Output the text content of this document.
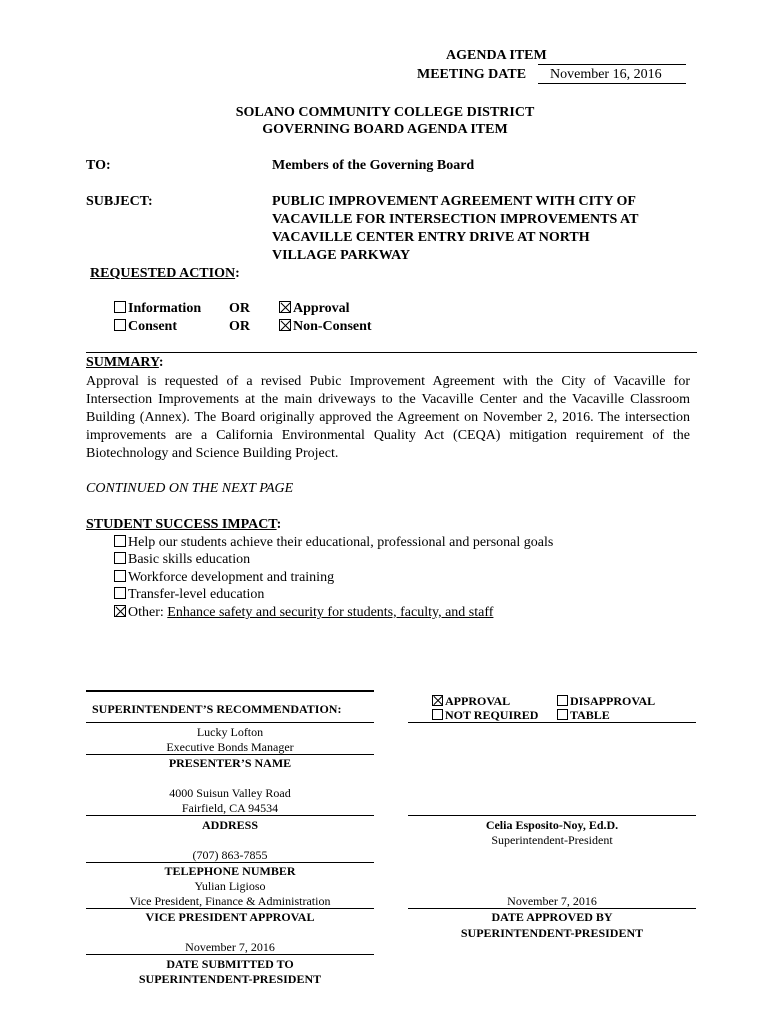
AGENDA ITEM
MEETING DATE November 16, 2016
SOLANO COMMUNITY COLLEGE DISTRICT
GOVERNING BOARD AGENDA ITEM
TO:	Members of the Governing Board
SUBJECT:	PUBLIC IMPROVEMENT AGREEMENT WITH CITY OF
VACAVILLE FOR INTERSECTION IMPROVEMENTS AT
VACAVILLE CENTER ENTRY DRIVE AT NORTH
VILLAGE PARKWAY
REQUESTED ACTION:
Information OR	Approval
Consent	OR	Non-Consent
SUMMARY:
Approval is requested of a revised Pubic Improvement Agreement with the City of Vacaville for Intersection Improvements at the main driveways to the Vacaville Center and the Vacaville Classroom Building (Annex). The Board originally approved the Agreement on November 2, 2016. The intersection improvements are a California Environmental Quality Act (CEQA) mitigation requirement of the Biotechnology and Science Building Project.
CONTINUED ON THE NEXT PAGE
STUDENT SUCCESS IMPACT:
Help our students achieve their educational, professional and personal goals
Basic skills education
Workforce development and training
Transfer-level education
Other: Enhance safety and security for students, faculty, and staff
SUPERINTENDENT’S RECOMMENDATION:
APPROVAL	DISAPPROVAL
NOT REQUIRED	TABLE
Lucky Lofton
Executive Bonds Manager
PRESENTER’S NAME
4000 Suisun Valley Road
Fairfield, CA 94534
ADDRESS	Celia Esposito-Noy, Ed.D.
Superintendent-President
(707) 863-7855
TELEPHONE NUMBER
Yulian Ligioso
Vice President, Finance & Administration
VICE PRESIDENT APPROVAL
November 7, 2016
DATE APPROVED BY
SUPERINTENDENT-PRESIDENT
November 7, 2016
DATE SUBMITTED TO
SUPERINTENDENT-PRESIDENT
